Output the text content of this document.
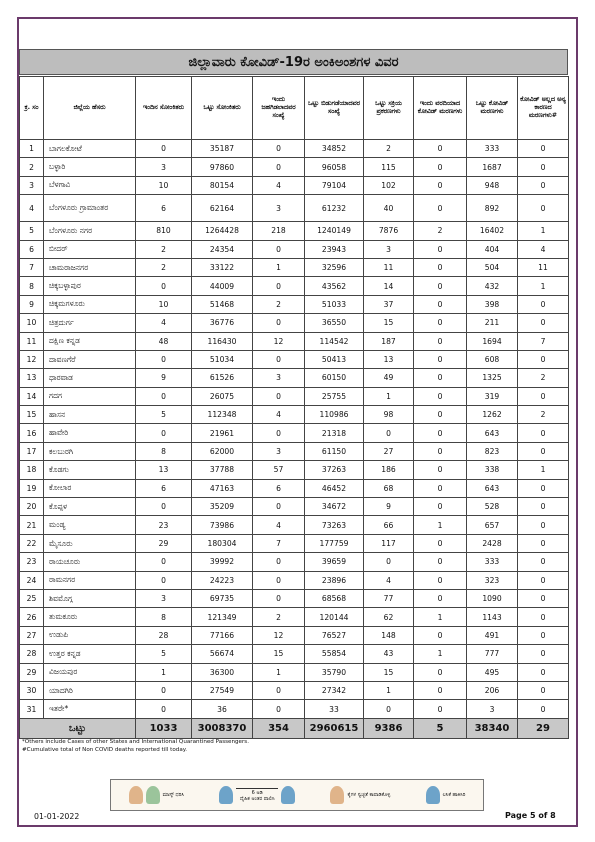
ಜಿಲ್ಲಾವಾರು ಕೋವಿಡ್-19ರ ಅಂಕಿಅಂಶಗಳ ವಿವರ
ಕ್ರ. ಸಂ	ಜಿಲ್ಲೆಯ ಹೆಸರು	ಇಂದಿನ ಸೋಂಕಿತರು	ಒಟ್ಟು ಸೋಂಕಿತರು	ಇಂದು ಜಹಗಿಡಲಾದವರ ಸಂಖ್ಯೆ	ಒಟ್ಟು ಬಿಡುಗಡೆಯಾದವರ ಸಂಖ್ಯೆ	ಒಟ್ಟು ಸಕ್ರಿಯ ಪ್ರಕರಣಗಳು	ಇಂದು ವರದಿಯಾದ ಕೋವಿಡ್ ಮರಣಗಳು	ಒಟ್ಟು ಕೋವಿಡ್ ಮರಣಗಳು	ಕೋವಿಡ್ ಅಲ್ಲದ ಅನ್ಯ ಕಾರಣದ ಮರಣಗಳು#
1	ಬಾಗಲಕೋಟೆ	0	35187	0	34852	2	0	333	0
2	ಬಳ್ಳಾರಿ	3	97860	0	96058	115	0	1687	0
3	ಬೆಳಗಾವಿ	10	80154	4	79104	102	0	948	0
4	ಬೆಂಗಳೂರು ಗ್ರಾಮಾಂತರ	6	62164	3	61232	40	0	892	0
5	ಬೆಂಗಳೂರು ನಗರ	810	1264428	218	1240149	7876	2	16402	1
6	ಬೀದರ್	2	24354	0	23943	3	0	404	4
7	ಚಾಮರಾಜನಗರ	2	33122	1	32596	11	0	504	11
8	ಚಿಕ್ಕಬಳ್ಳಾಪುರ	0	44009	0	43562	14	0	432	1
9	ಚಿಕ್ಕಮಗಳೂರು	10	51468	2	51033	37	0	398	0
10	ಚಿತ್ರದುರ್ಗ	4	36776	0	36550	15	0	211	0
11	ದಕ್ಷಿಣ ಕನ್ನಡ	48	116430	12	114542	187	0	1694	7
12	ದಾವಣಗೆರೆ	0	51034	0	50413	13	0	608	0
13	ಧಾರವಾಡ	9	61526	3	60150	49	0	1325	2
14	ಗದಗ	0	26075	0	25755	1	0	319	0
15	ಹಾಸನ	5	112348	4	110986	98	0	1262	2
16	ಹಾವೇರಿ	0	21961	0	21318	0	0	643	0
17	ಕಲಬುರಗಿ	8	62000	3	61150	27	0	823	0
18	ಕೊಡಗು	13	37788	57	37263	186	0	338	1
19	ಕೋಲಾರ	6	47163	6	46452	68	0	643	0
20	ಕೊಪ್ಪಳ	0	35209	0	34672	9	0	528	0
21	ಮಂಡ್ಯ	23	73986	4	73263	66	1	657	0
22	ಮೈಸೂರು	29	180304	7	177759	117	0	2428	0
23	ರಾಯಚೂರು	0	39992	0	39659	0	0	333	0
24	ರಾಮನಗರ	0	24223	0	23896	4	0	323	0
25	ಶಿವಮೊಗ್ಗ	3	69735	0	68568	77	0	1090	0
26	ತುಮಕೂರು	8	121349	2	120144	62	1	1143	0
27	ಉಡುಪಿ	28	77166	12	76527	148	0	491	0
28	ಉತ್ತರ ಕನ್ನಡ	5	56674	15	55854	43	1	777	0
29	ವಿಜಯಪುರ	1	36300	1	35790	15	0	495	0
30	ಯಾದಗಿರಿ	0	27549	0	27342	1	0	206	0
31	ಇತರೇ*	0	36	0	33	0	0	3	0
ಒಟ್ಟು		1033	3008370	354	2960615	9386	5	38340	29
*Others include Cases of other States and International Quarantined Passengers.
#Cumulative total of Non COVID deaths reported till today.
ಮಾಸ್ಕ್ ಧರಿಸಿ	6 ಅಡಿ
ದೈಹಿಕ ಅಂತರ ಪಾಲಿಸಿ
ಕೈಗಳ ಸ್ವಚ್ಛತೆ ಕಾಪಾಡಿಕೊಳ್ಳಿ	ಲಸಿಕೆ ಹಾಕಿಸಿರಿ
01-01-2022	Page 5 of 8
